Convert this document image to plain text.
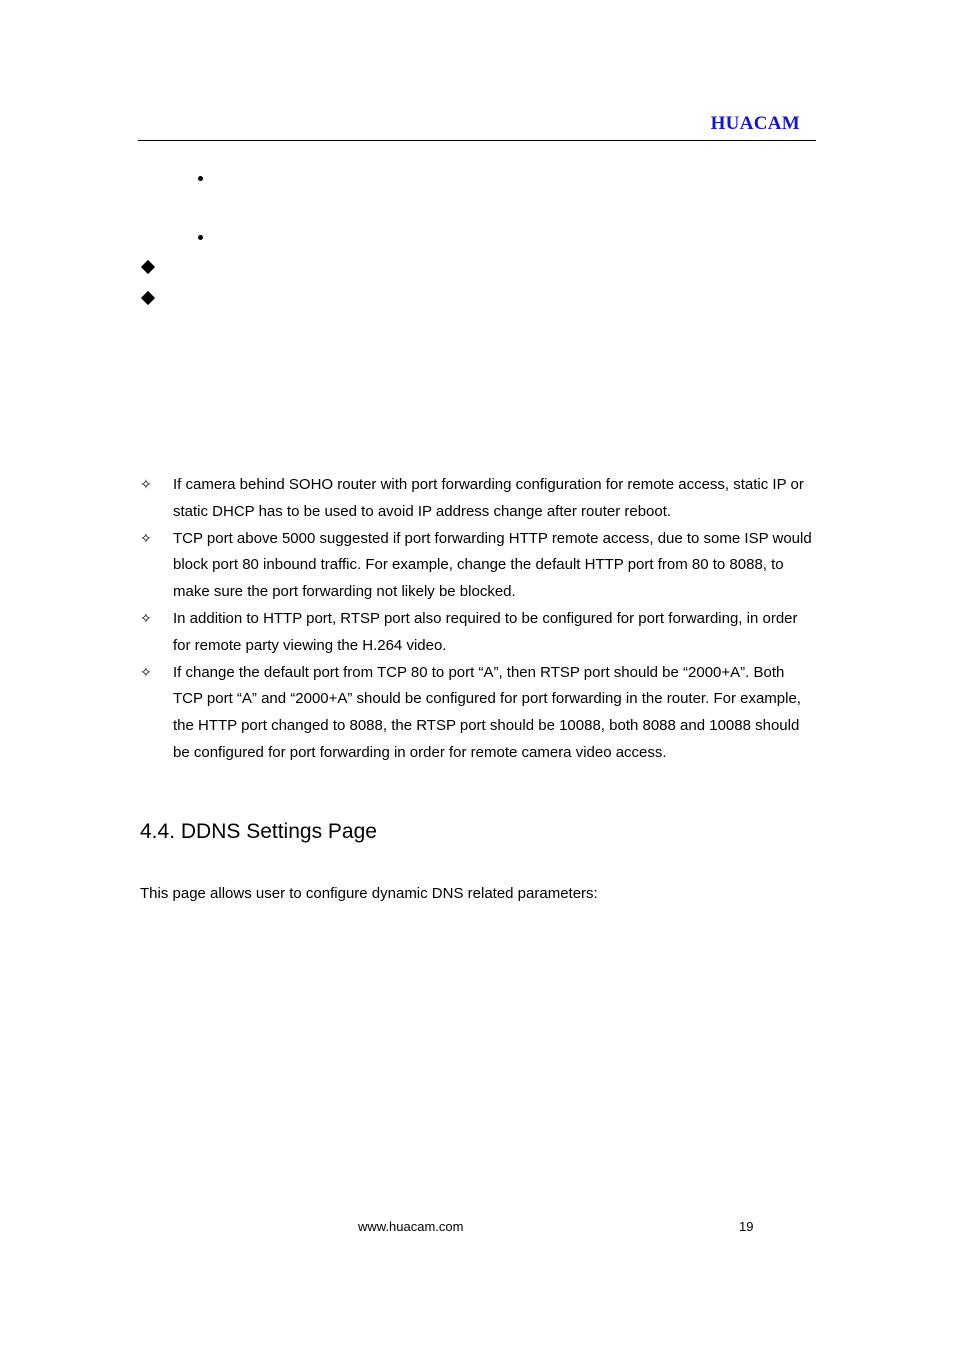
HUACAM
✧ If camera behind SOHO router with port forwarding configuration for remote access, static IP or static DHCP has to be used to avoid IP address change after router reboot.
✧ TCP port above 5000 suggested if port forwarding HTTP remote access, due to some ISP would block port 80 inbound traffic. For example, change the default HTTP port from 80 to 8088, to make sure the port forwarding not likely be blocked.
✧ In addition to HTTP port, RTSP port also required to be configured for port forwarding, in order for remote party viewing the H.264 video.
✧ If change the default port from TCP 80 to port “A”, then RTSP port should be “2000+A”. Both TCP port “A” and “2000+A” should be configured for port forwarding in the router. For example, the HTTP port changed to 8088, the RTSP port should be 10088, both 8088 and 10088 should be configured for port forwarding in order for remote camera video access.
4.4. DDNS Settings Page

This page allows user to configure dynamic DNS related parameters:

www.huacam.com	19
